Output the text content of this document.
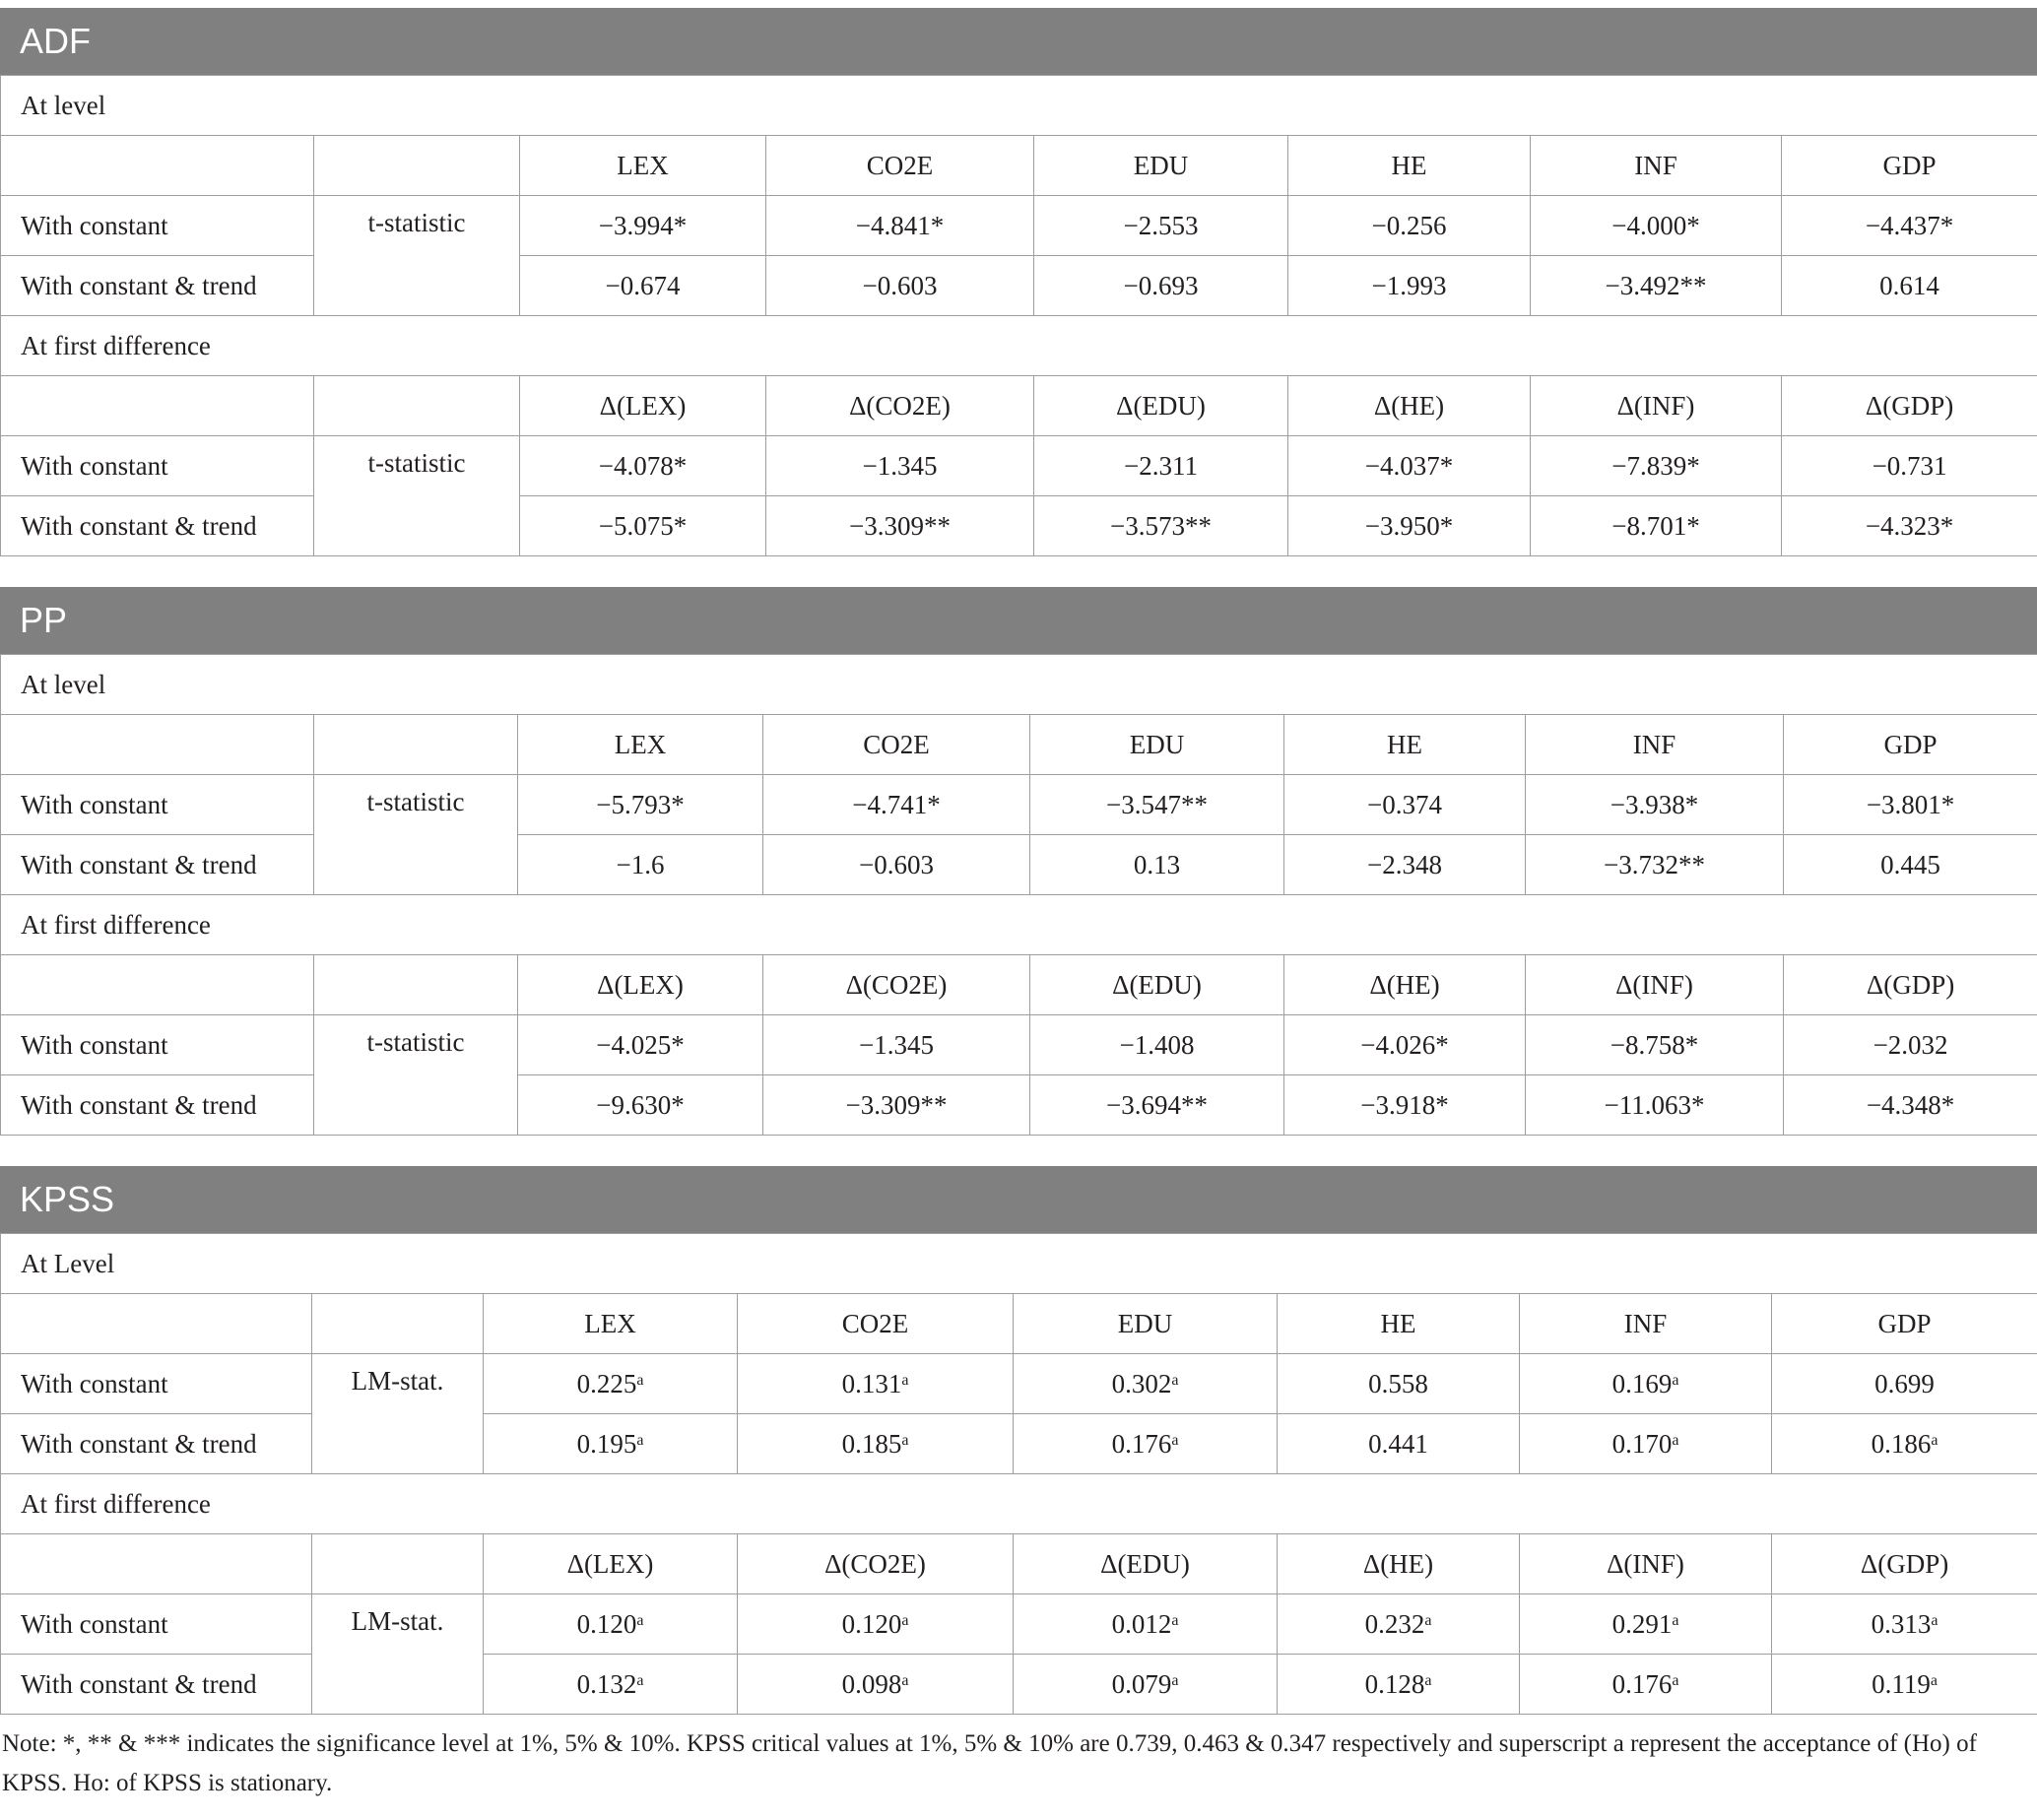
ADF
At level							
		LEX	CO2E	EDU	HE	INF	GDP
With constant	t-statistic	−3.994*	−4.841*	−2.553	−0.256	−4.000*	−4.437*
With constant & trend		−0.674	−0.603	−0.693	−1.993	−3.492**	0.614
At first difference							
		Δ(LEX)	Δ(CO2E)	Δ(EDU)	Δ(HE)	Δ(INF)	Δ(GDP)
With constant	t-statistic	−4.078*	−1.345	−2.311	−4.037*	−7.839*	−0.731
With constant & trend		−5.075*	−3.309**	−3.573**	−3.950*	−8.701*	−4.323*
PP
At level							
		LEX	CO2E	EDU	HE	INF	GDP
With constant	t-statistic	−5.793*	−4.741*	−3.547**	−0.374	−3.938*	−3.801*
With constant & trend		−1.6	−0.603	0.13	−2.348	−3.732**	0.445
At first difference							
		Δ(LEX)	Δ(CO2E)	Δ(EDU)	Δ(HE)	Δ(INF)	Δ(GDP)
With constant	t-statistic	−4.025*	−1.345	−1.408	−4.026*	−8.758*	−2.032
With constant & trend		−9.630*	−3.309**	−3.694**	−3.918*	−11.063*	−4.348*
KPSS
At Level							
		LEX	CO2E	EDU	HE	INF	GDP
With constant	LM-stat.	0.225$^a$	0.131$^a$	0.302$^a$	0.558	0.169$^a$	0.699
With constant & trend		0.195$^a$	0.185$^a$	0.176$^a$	0.441	0.170$^a$	0.186$^a$
At first difference							
		Δ(LEX)	Δ(CO2E)	Δ(EDU)	Δ(HE)	Δ(INF)	Δ(GDP)
With constant	LM-stat.	0.120$^a$	0.120$^a$	0.012$^a$	0.232$^a$	0.291$^a$	0.313$^a$
With constant & trend		0.132$^a$	0.098$^a$	0.079$^a$	0.128$^a$	0.176$^a$	0.119$^a$
Note: *, ** & *** indicates the significance level at 1%, 5% & 10%. KPSS critical values at 1%, 5% & 10% are 0.739, 0.463 & 0.347 respectively and superscript a represent the acceptance of (Ho) of KPSS. Ho: of KPSS is stationary.
